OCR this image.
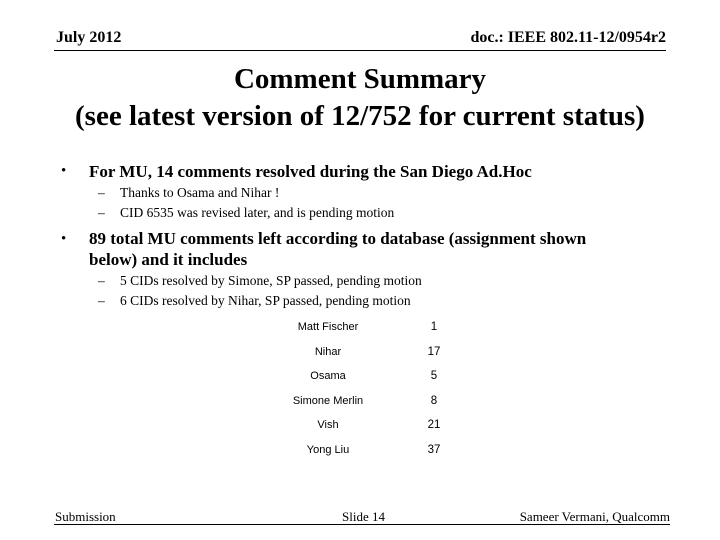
July 2012	doc.: IEEE 802.11-12/0954r2
Comment Summary
(see latest version of 12/752 for current status)
• For MU, 14 comments resolved during the San Diego Ad.Hoc
– Thanks to Osama and Nihar !
– CID 6535 was revised later, and is pending motion
• 89 total MU comments left according to database (assignment shown
below) and it includes
– 5 CIDs resolved by Simone, SP passed, pending motion
– 6 CIDs resolved by Nihar, SP passed, pending motion
Matt Fischer	1
Nihar	17
Osama	5
Simone Merlin	8
Vish	21
Yong Liu	37
Submission	Slide 14	Sameer Vermani, Qualcomm
